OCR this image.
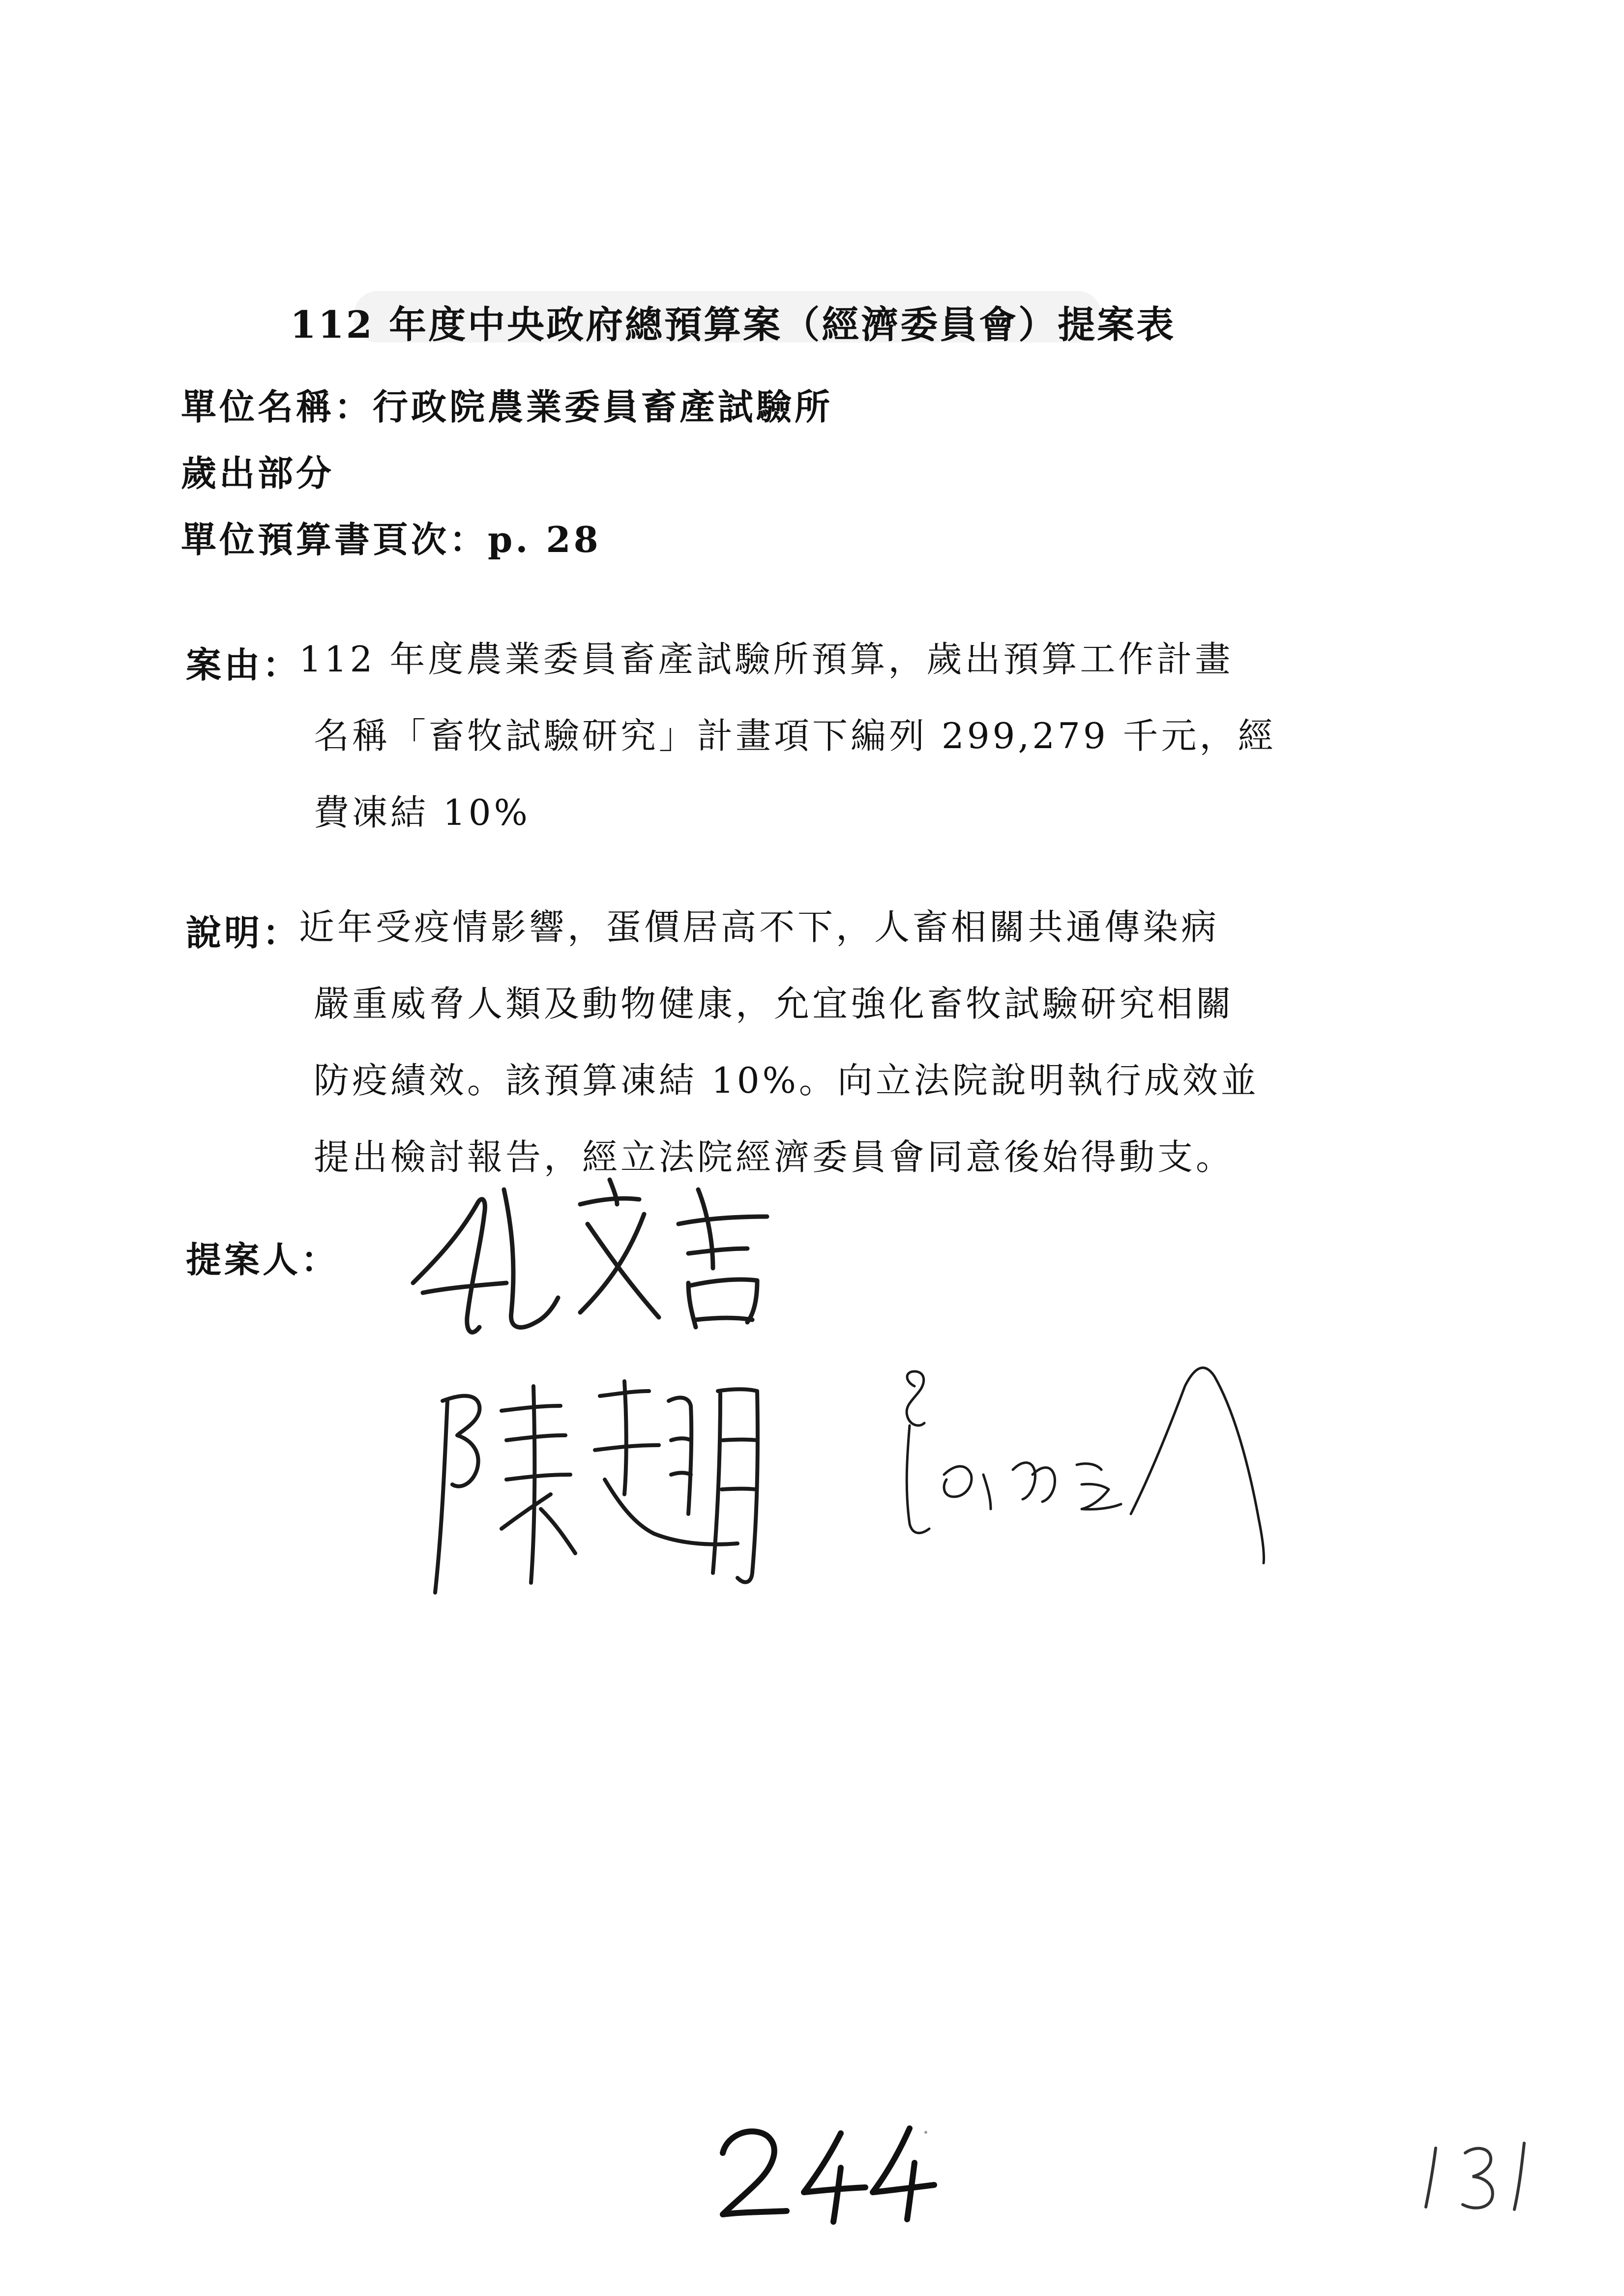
112 年度中央政府總預算案（經濟委員會）提案表
單位名稱：行政院農業委員畜產試驗所
歲出部分
單位預算書頁次：p. 28
案由：
112 年度農業委員畜產試驗所預算，歲出預算工作計畫
名稱「畜牧試驗研究」計畫項下編列 299,279 千元，經
費凍結 10%
說明：
近年受疫情影響，蛋價居高不下，人畜相關共通傳染病
嚴重威脅人類及動物健康，允宜強化畜牧試驗研究相關
防疫績效。該預算凍結 10%。向立法院說明執行成效並
提出檢討報告，經立法院經濟委員會同意後始得動支。
提案人：
